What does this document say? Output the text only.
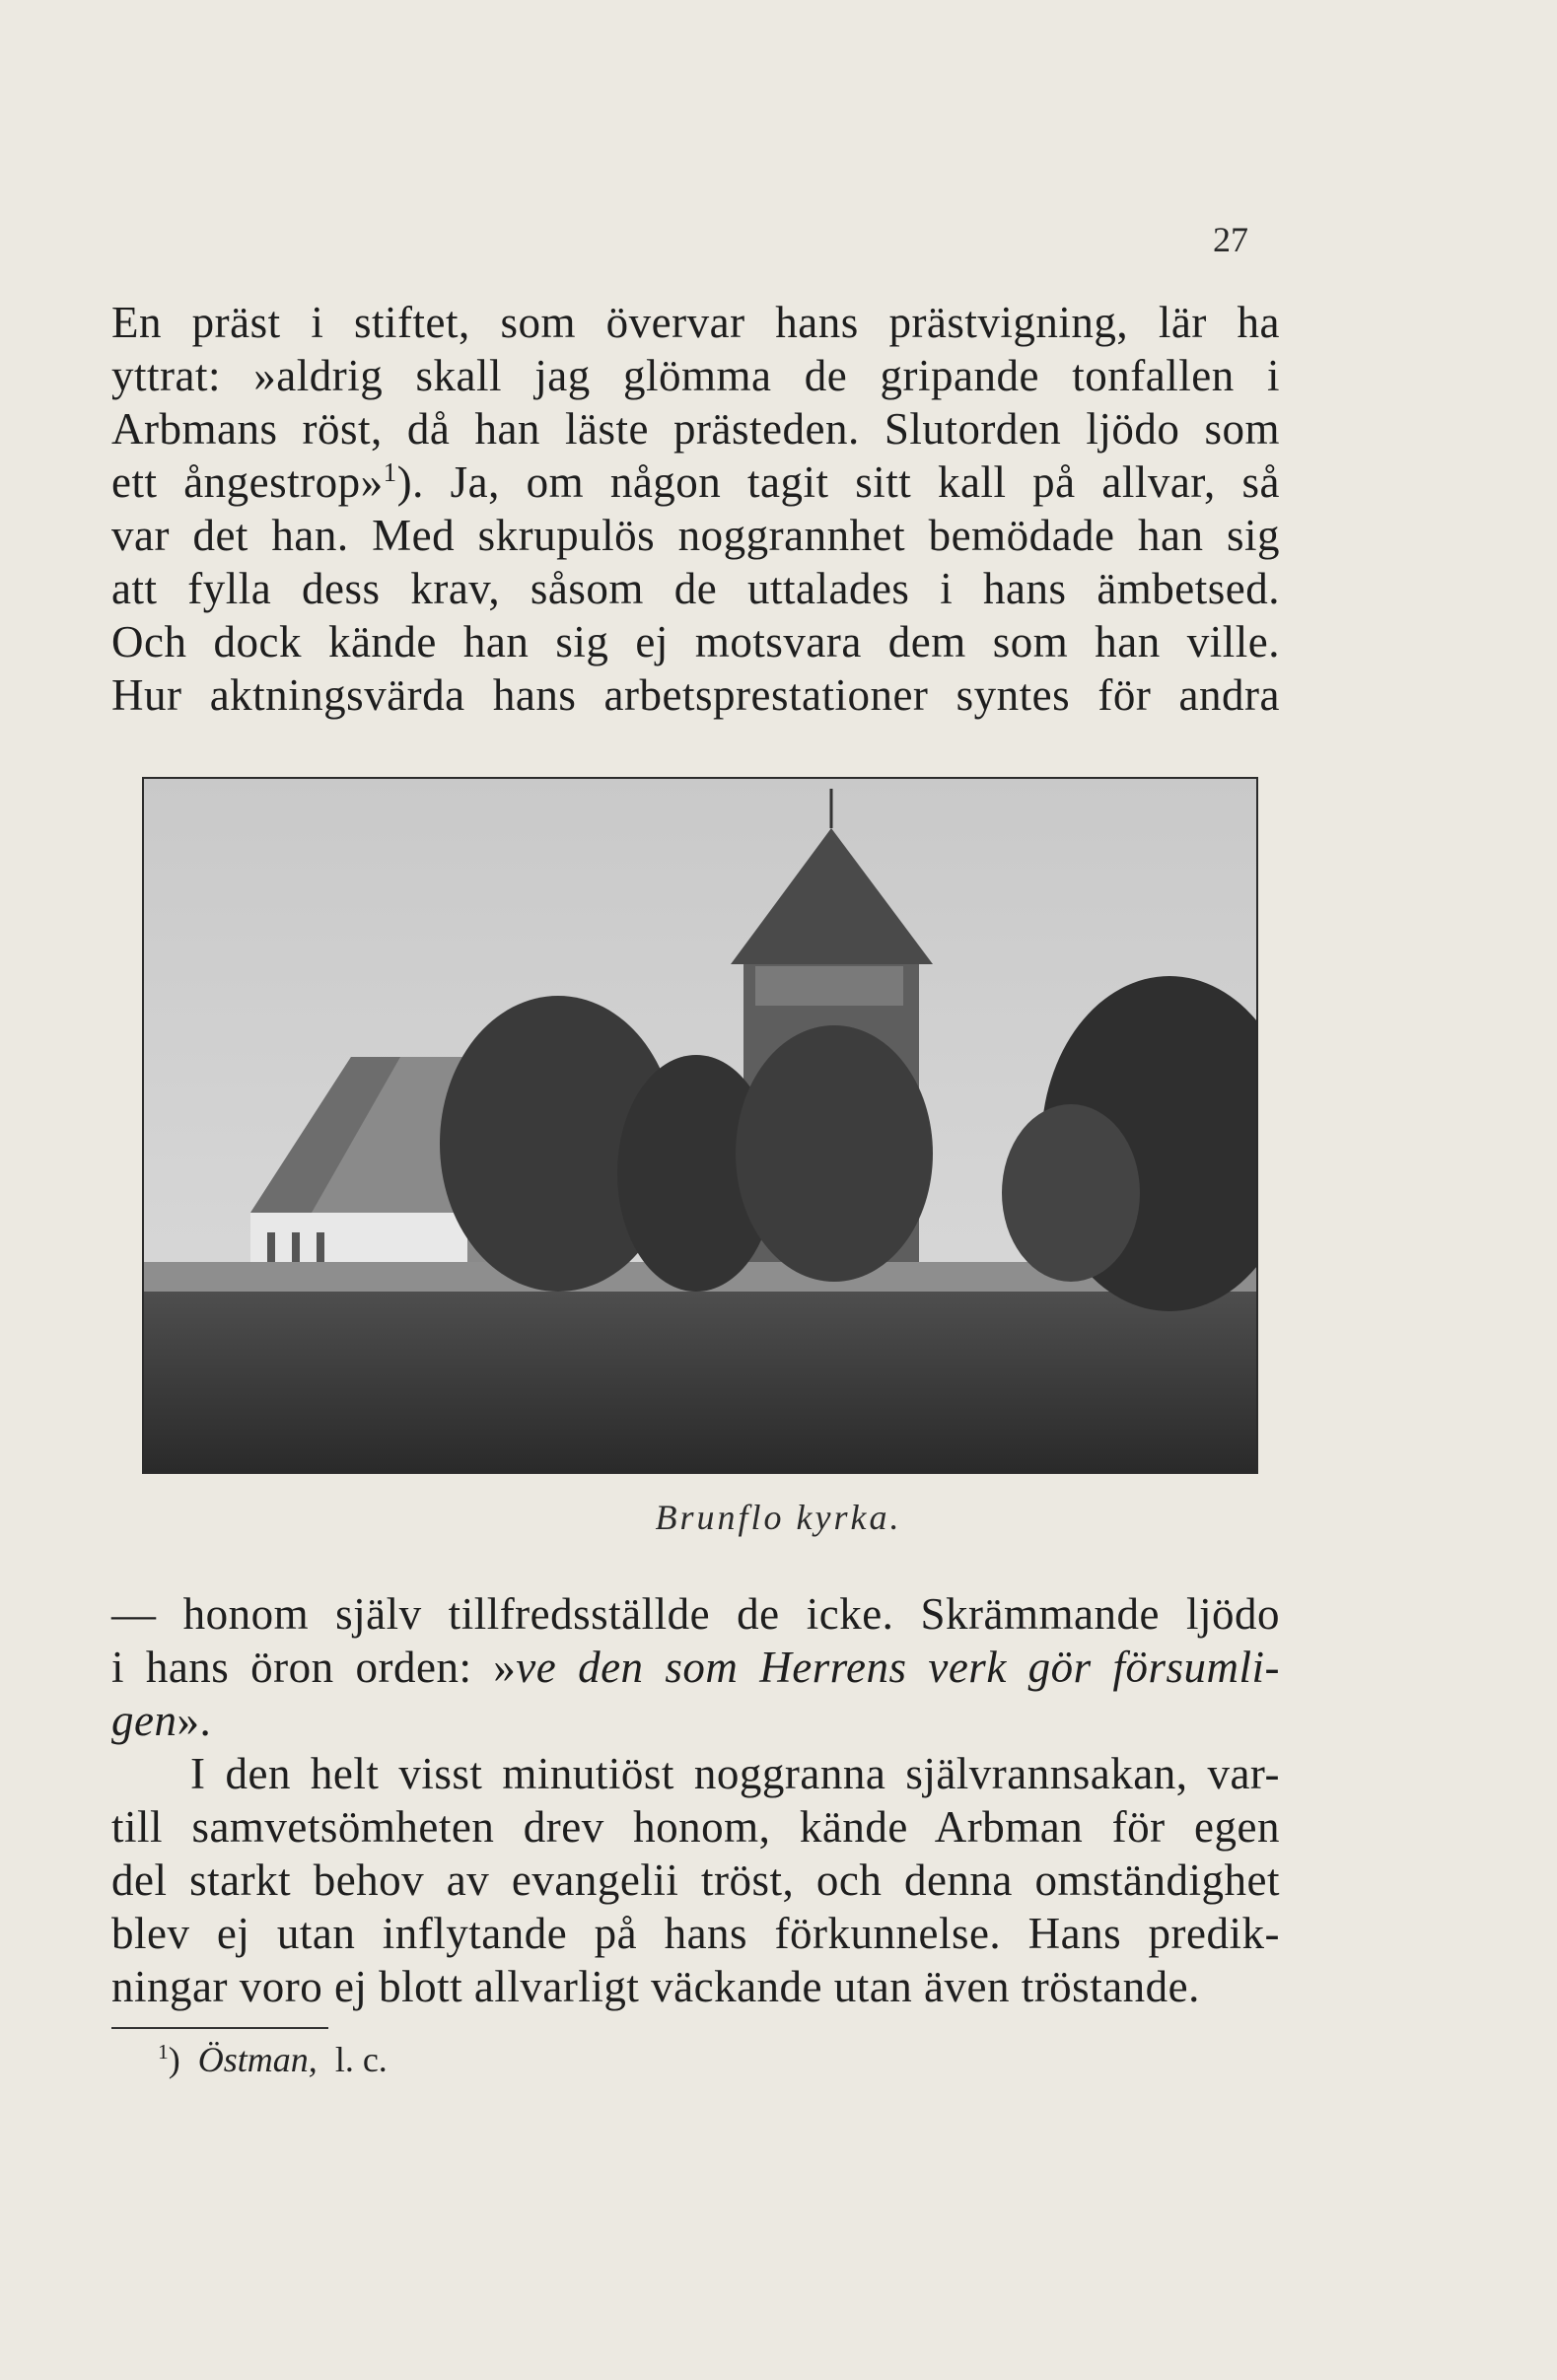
27

En präst i stiftet, som övervar hans prästvigning, lär ha
yttrat: »aldrig skall jag glömma de gripande tonfallen i
Arbmans röst, då han läste prästeden. Slutorden ljödo som
ett ångestrop»$^1$). Ja, om någon tagit sitt kall på allvar, så
var det han. Med skrupulös noggrannhet bemödade han sig
att fylla dess krav, såsom de uttalades i hans ämbetsed.
Och dock kände han sig ej motsvara dem som han ville.
Hur aktningsvärda hans arbetsprestationer syntes för andra

Brunflo kyrka.

— honom själv tillfredsställde de icke. Skrämmande ljödo
i hans öron orden: »ve den som Herrens verk gör försumli-
gen».

I den helt visst minutiöst noggranna självrannsakan, var-
till samvetsömheten drev honom, kände Arbman för egen
del starkt behov av evangelii tröst, och denna omständighet
blev ej utan inflytande på hans förkunnelse. Hans predik-
ningar voro ej blott allvarligt väckande utan även tröstande.

$^1$)  Östman, l. c.
